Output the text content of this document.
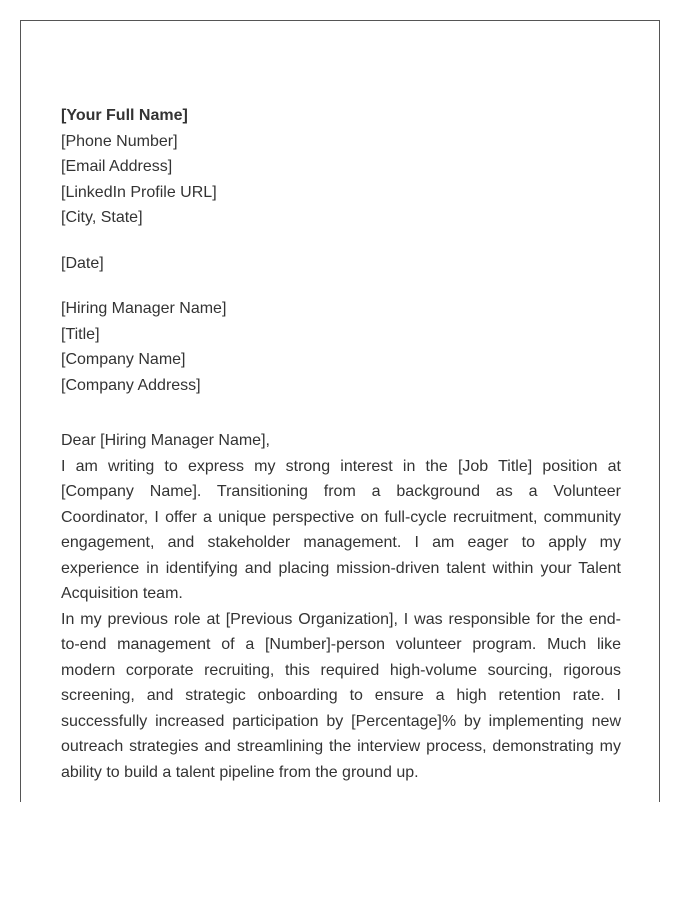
[Your Full Name]
[Phone Number]
[Email Address]
[LinkedIn Profile URL]
[City, State]
[Date]
[Hiring Manager Name]
[Title]
[Company Name]
[Company Address]
Dear [Hiring Manager Name],

I am writing to express my strong interest in the [Job Title] position at [Company Name]. Transitioning from a background as a Volunteer Coordinator, I offer a unique perspective on full-cycle recruitment, community engagement, and stakeholder management. I am eager to apply my experience in identifying and placing mission-driven talent within your Talent Acquisition team.

In my previous role at [Previous Organization], I was responsible for the end-to-end management of a [Number]-person volunteer program. Much like modern corporate recruiting, this required high-volume sourcing, rigorous screening, and strategic onboarding to ensure a high retention rate. I successfully increased participation by [Percentage]% by implementing new outreach strategies and streamlining the interview process, demonstrating my ability to build a talent pipeline from the ground up.
